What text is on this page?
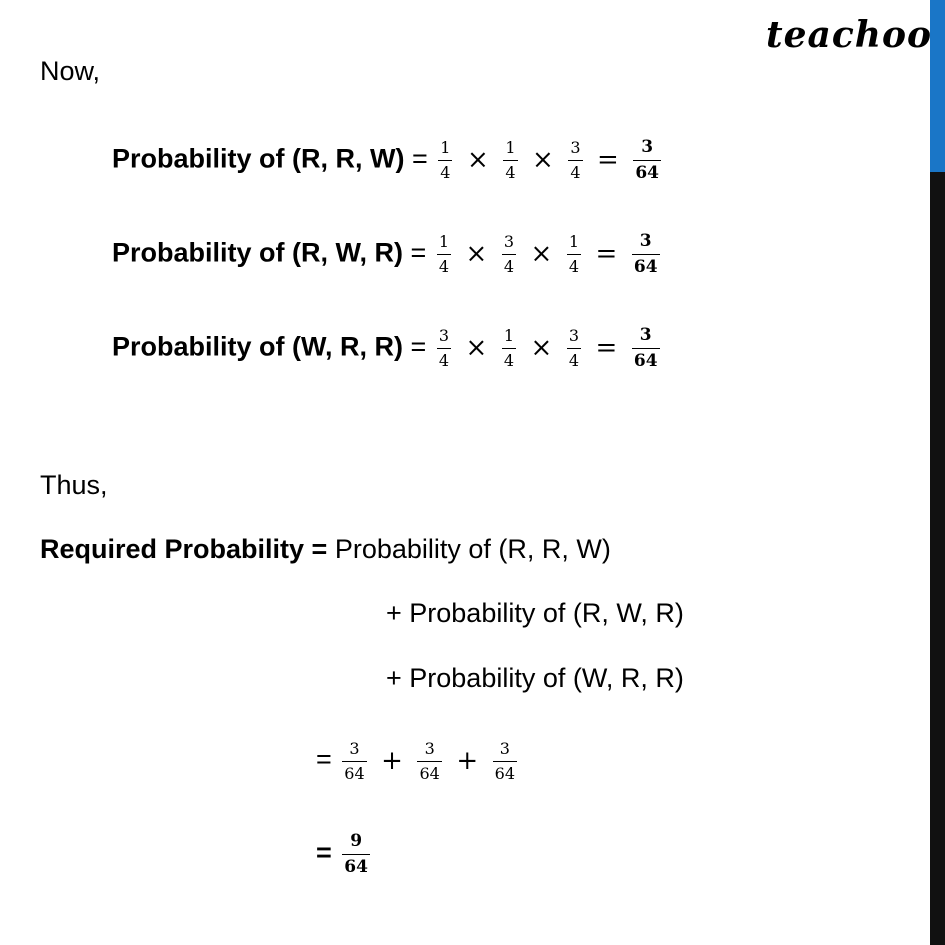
teachoo
Now,
Probability of (R, R, $W) = \frac{1}{4} \times \frac{1}{4} \times \frac{3}{4} = \frac{3}{64}$
Probability of (R, W, $R) = \frac{1}{4} \times \frac{3}{4} \times \frac{1}{4} = \frac{3}{64}$
Probability of (W, R, $R) = \frac{3}{4} \times \frac{1}{4} \times \frac{3}{4} = \frac{3}{64}$
Thus,
Required Probability = Probability of (R, R, W)
+ Probability of (R, W, R)
+ Probability of (W, R, R)
= $\frac{3}{64} + \frac{3}{64} + \frac{3}{64}$
= $\frac{9}{64}$
